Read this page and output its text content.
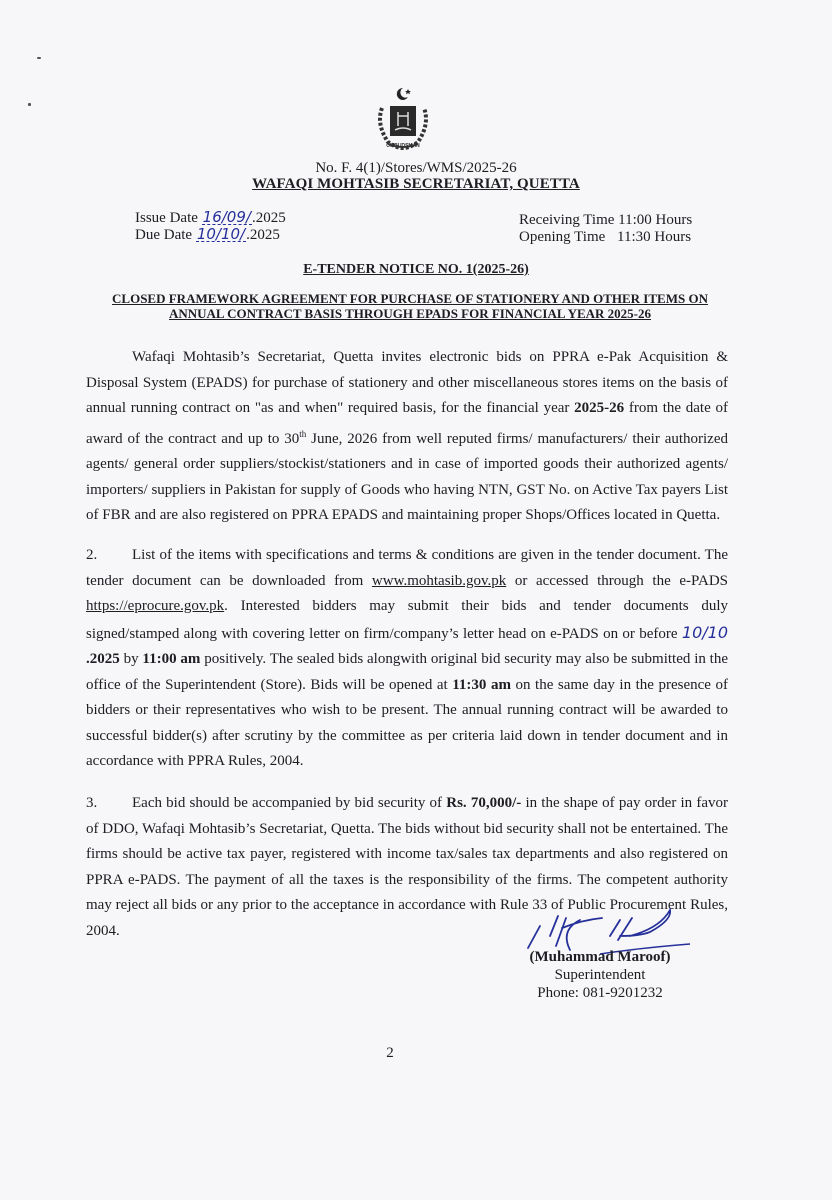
OMBUDSMAN
No. F. 4(1)/Stores/WMS/2025-26
WAFAQI MOHTASIB SECRETARIAT, QUETTA
Issue Date 16/09/.2025
Due Date 10/10/.2025
Receiving Time 11:00 Hours
Opening Time 11:30 Hours
E-TENDER NOTICE NO. 1(2025-26)
CLOSED FRAMEWORK AGREEMENT FOR PURCHASE OF STATIONERY AND OTHER ITEMS ON
ANNUAL CONTRACT BASIS THROUGH EPADS FOR FINANCIAL YEAR 2025-26
Wafaqi Mohtasib’s Secretariat, Quetta invites electronic bids on PPRA e-Pak Acquisition & Disposal System (EPADS) for purchase of stationery and other miscellaneous stores items on the basis of annual running contract on "as and when" required basis, for the financial year 2025-26 from the date of award of the contract and up to 30th June, 2026 from well reputed firms/ manufacturers/ their authorized agents/ general order suppliers/stockist/stationers and in case of imported goods their authorized agents/ importers/ suppliers in Pakistan for supply of Goods who having NTN, GST No. on Active Tax payers List of FBR and are also registered on PPRA EPADS and maintaining proper Shops/Offices located in Quetta.
2. List of the items with specifications and terms & conditions are given in the tender document. The tender document can be downloaded from www.mohtasib.gov.pk or accessed through the e-PADS https://eprocure.gov.pk. Interested bidders may submit their bids and tender documents duly signed/stamped along with covering letter on firm/company’s letter head on e-PADS on or before 10/10 .2025 by 11:00 am positively. The sealed bids alongwith original bid security may also be submitted in the office of the Superintendent (Store). Bids will be opened at 11:30 am on the same day in the presence of bidders or their representatives who wish to be present. The annual running contract will be awarded to successful bidder(s) after scrutiny by the committee as per criteria laid down in tender document and in accordance with PPRA Rules, 2004.
3. Each bid should be accompanied by bid security of Rs. 70,000/- in the shape of pay order in favor of DDO, Wafaqi Mohtasib’s Secretariat, Quetta. The bids without bid security shall not be entertained. The firms should be active tax payer, registered with income tax/sales tax departments and also registered on PPRA e-PADS. The payment of all the taxes is the responsibility of the firms. The competent authority may reject all bids or any prior to the acceptance in accordance with Rule 33 of Public Procurement Rules, 2004.
(Muhammad Maroof)
Superintendent
Phone: 081-9201232
2
